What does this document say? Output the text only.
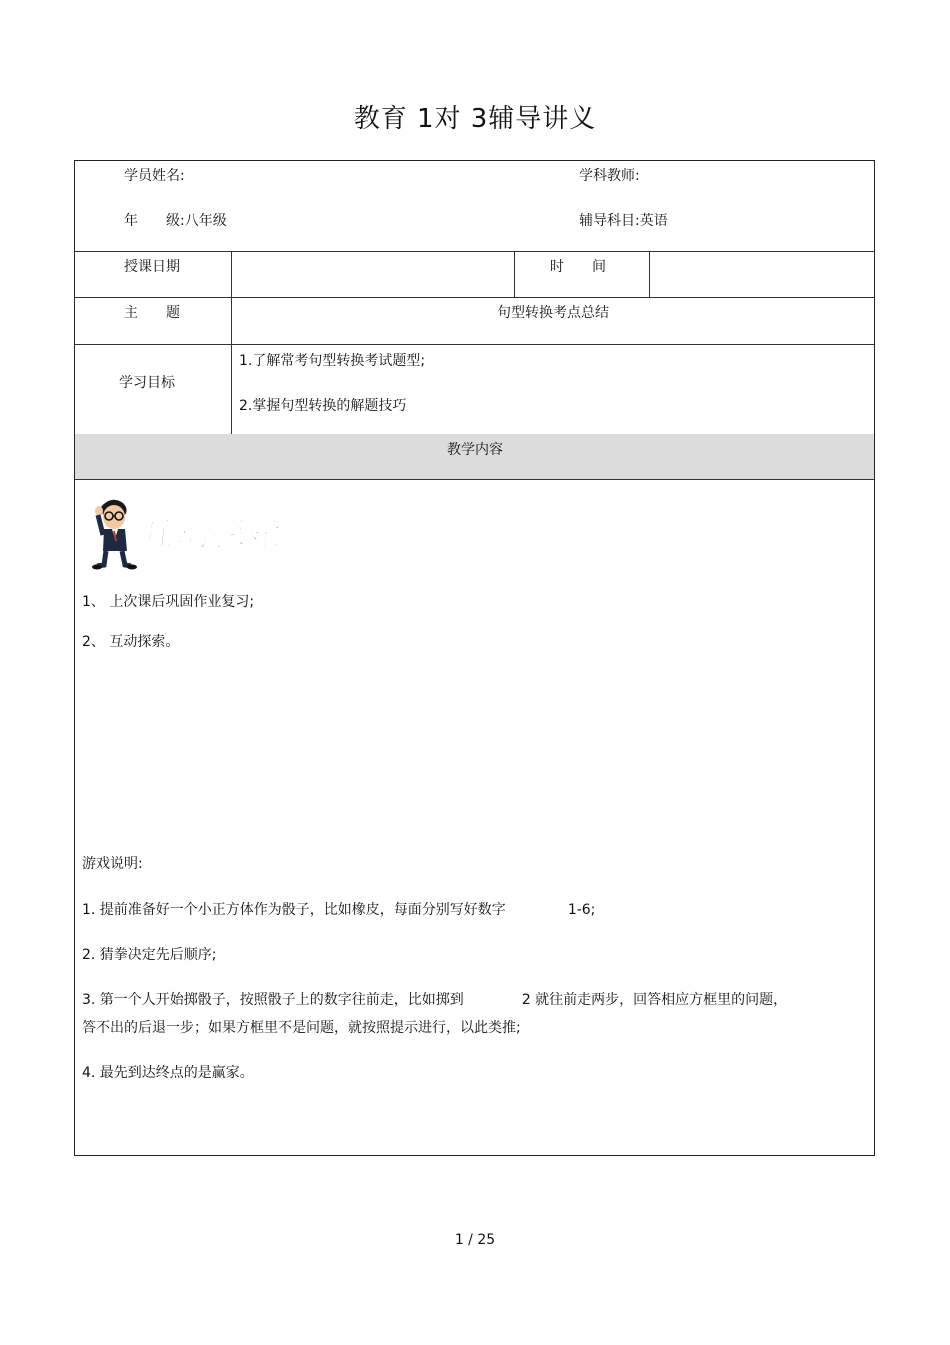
教育 1对 3辅导讲义
学员姓名:	学科教师:
年　　级:八年级	辅导科目:英语
授课日期	时　　间
主　　题	句型转换考点总结
学习目标
1.了解常考句型转换考试题型;
2.掌握句型转换的解题技巧
教学内容
互动探索
1、 上次课后巩固作业复习;
2、 互动探索。
游戏说明:
1. 提前准备好一个小正方体作为骰子，比如橡皮，每面分别写好数字	1-6;
2. 猜拳决定先后顺序;
3. 第一个人开始掷骰子，按照骰子上的数字往前走，比如掷到	2 就往前走两步，回答相应方框里的问题，
答不出的后退一步；如果方框里不是问题，就按照提示进行，以此类推;
4. 最先到达终点的是赢家。
1 / 25
